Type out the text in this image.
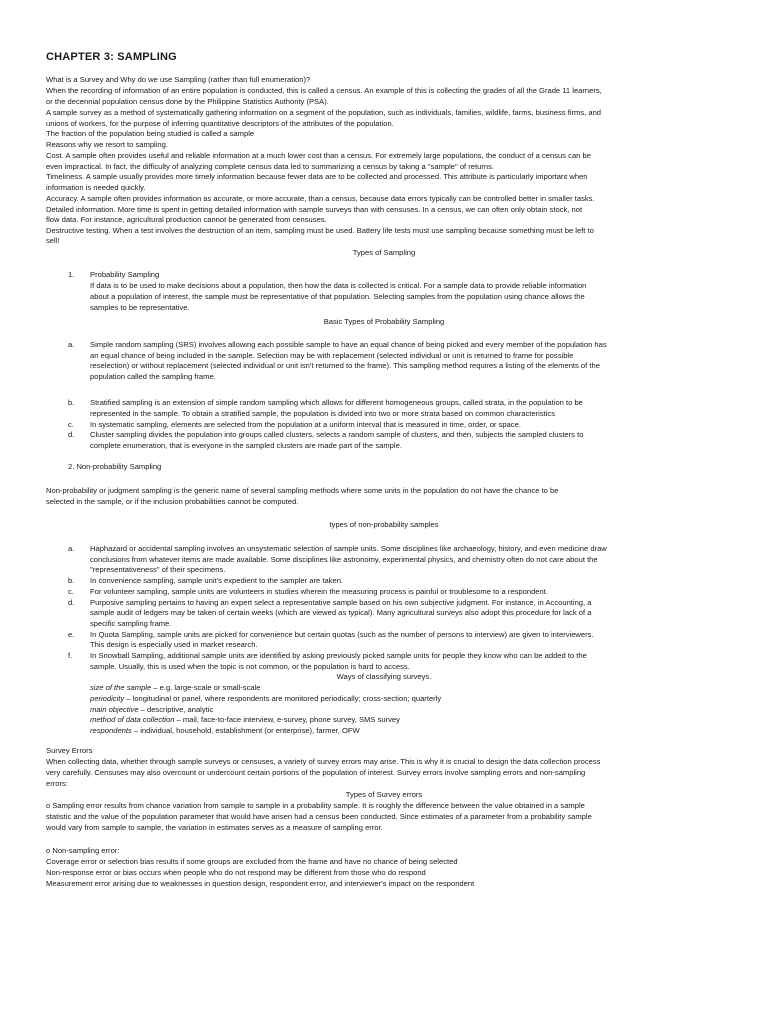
CHAPTER 3: SAMPLING
What is a Survey and Why do we use Sampling (rather than full enumeration)?
When the recording of information of an entire population is conducted, this is called a census. An example of this is collecting the grades of all the Grade 11 learners,
or the decennial population census done by the Philippine Statistics Authority (PSA).
A sample survey as a method of systematically gathering information on a segment of the population, such as individuals, families, wildlife, farms, business firms, and
unions of workers, for the purpose of inferring quantitative descriptors of the attributes of the population.
The fraction of the population being studied is called a sample
Reasons why we resort to sampling.
Cost. A sample often provides useful and reliable information at a much lower cost than a census. For extremely large populations, the conduct of a census can be
even impractical. In fact, the difficulty of analyzing complete census data led to summarizing a census by taking a "sample" of returns.
Timeliness. A sample usually provides more timely information because fewer data are to be collected and processed. This attribute is particularly important when
information is needed quickly.
Accuracy. A sample often provides information as accurate, or more accurate, than a census, because data errors typically can be controlled better in smaller tasks.
Detailed information. More time is spent in getting detailed information with sample surveys than with censuses. In a census, we can often only obtain stock, not
flow data. For instance, agricultural production cannot be generated from censuses.
Destructive testing. When a test involves the destruction of an item, sampling must be used. Battery life tests must use sampling because something must be left to
sell!
Types of Sampling
1.	Probability Sampling
If data is to be used to make decisions about a population, then how the data is collected is critical. For a sample data to provide reliable information
about a population of interest, the sample must be representative of that population. Selecting samples from the population using chance allows the
samples to be representative.
Basic Types of Probability Sampling
a.	Simple random sampling (SRS) involves allowing each possible sample to have an equal chance of being picked and every member of the population has
an equal chance of being included in the sample. Selection may be with replacement (selected individual or unit is returned to frame for possible
reselection) or without replacement (selected individual or unit isn't returned to the frame). This sampling method requires a listing of the elements of the
population called the sampling frame.
b.	Stratified sampling is an extension of simple random sampling which allows for different homogeneous groups, called strata, in the population to be
represented in the sample. To obtain a stratified sample, the population is divided into two or more strata based on common characteristics
c.	In systematic sampling, elements are selected from the population at a uniform interval that is measured in time, order, or space.
d.	Cluster sampling divides the population into groups called clusters, selects a random sample of clusters, and then, subjects the sampled clusters to
complete enumeration, that is everyone in the sampled clusters are made part of the sample.
2. Non-probability Sampling
Non-probability or judgment sampling is the generic name of several sampling methods where some units in the population do not have the chance to be
selected in the sample, or if the inclusion probabilities cannot be computed.
types of non-probability samples
a.	Haphazard or accidental sampling involves an unsystematic selection of sample units. Some disciplines like archaeology, history, and even medicine draw
conclusions from whatever items are made available. Some disciplines like astronomy, experimental physics, and chemistry often do not care about the
"representativeness" of their specimens.
b.	In convenience sampling, sample unit's expedient to the sampler are taken.
c.	For volunteer sampling, sample units are volunteers in studies wherein the measuring process is painful or troublesome to a respondent.
d.	Purposive sampling pertains to having an expert select a representative sample based on his own subjective judgment. For instance, in Accounting, a
sample audit of ledgers may be taken of certain weeks (which are viewed as typical). Many agricultural surveys also adopt this procedure for lack of a
specific sampling frame.
e.	In Quota Sampling, sample units are picked for convenience but certain quotas (such as the number of persons to interview) are given to interviewers.
This design is especially used in market research.
f.	In Snowball Sampling, additional sample units are identified by asking previously picked sample units for people they know who can be added to the
sample. Usually, this is used when the topic is not common, or the population is hard to access.
Ways of classifying surveys.
size of the sample – e.g. large-scale or small-scale
periodicity – longitudinal or panel, where respondents are monitored periodically; cross-section; quarterly
main objective – descriptive, analytic
method of data collection – mail, face-to-face interview, e-survey, phone survey, SMS survey
respondents – individual, household, establishment (or enterprise), farmer, OFW
Survey Errors
When collecting data, whether through sample surveys or censuses, a variety of survey errors may arise. This is why it is crucial to design the data collection process
very carefully. Censuses may also overcount or undercount certain portions of the population of interest. Survey errors involve sampling errors and non-sampling
errors:
Types of Survey errors
o Sampling error results from chance variation from sample to sample in a probability sample. It is roughly the difference between the value obtained in a sample
statistic and the value of the population parameter that would have arisen had a census been conducted. Since estimates of a parameter from a probability sample
would vary from sample to sample, the variation in estimates serves as a measure of sampling error.
o Non-sampling error:
Coverage error or selection bias results if some groups are excluded from the frame and have no chance of being selected
Non-response error or bias occurs when people who do not respond may be different from those who do respond
Measurement error arising due to weaknesses in question design, respondent error, and interviewer's impact on the respondent
